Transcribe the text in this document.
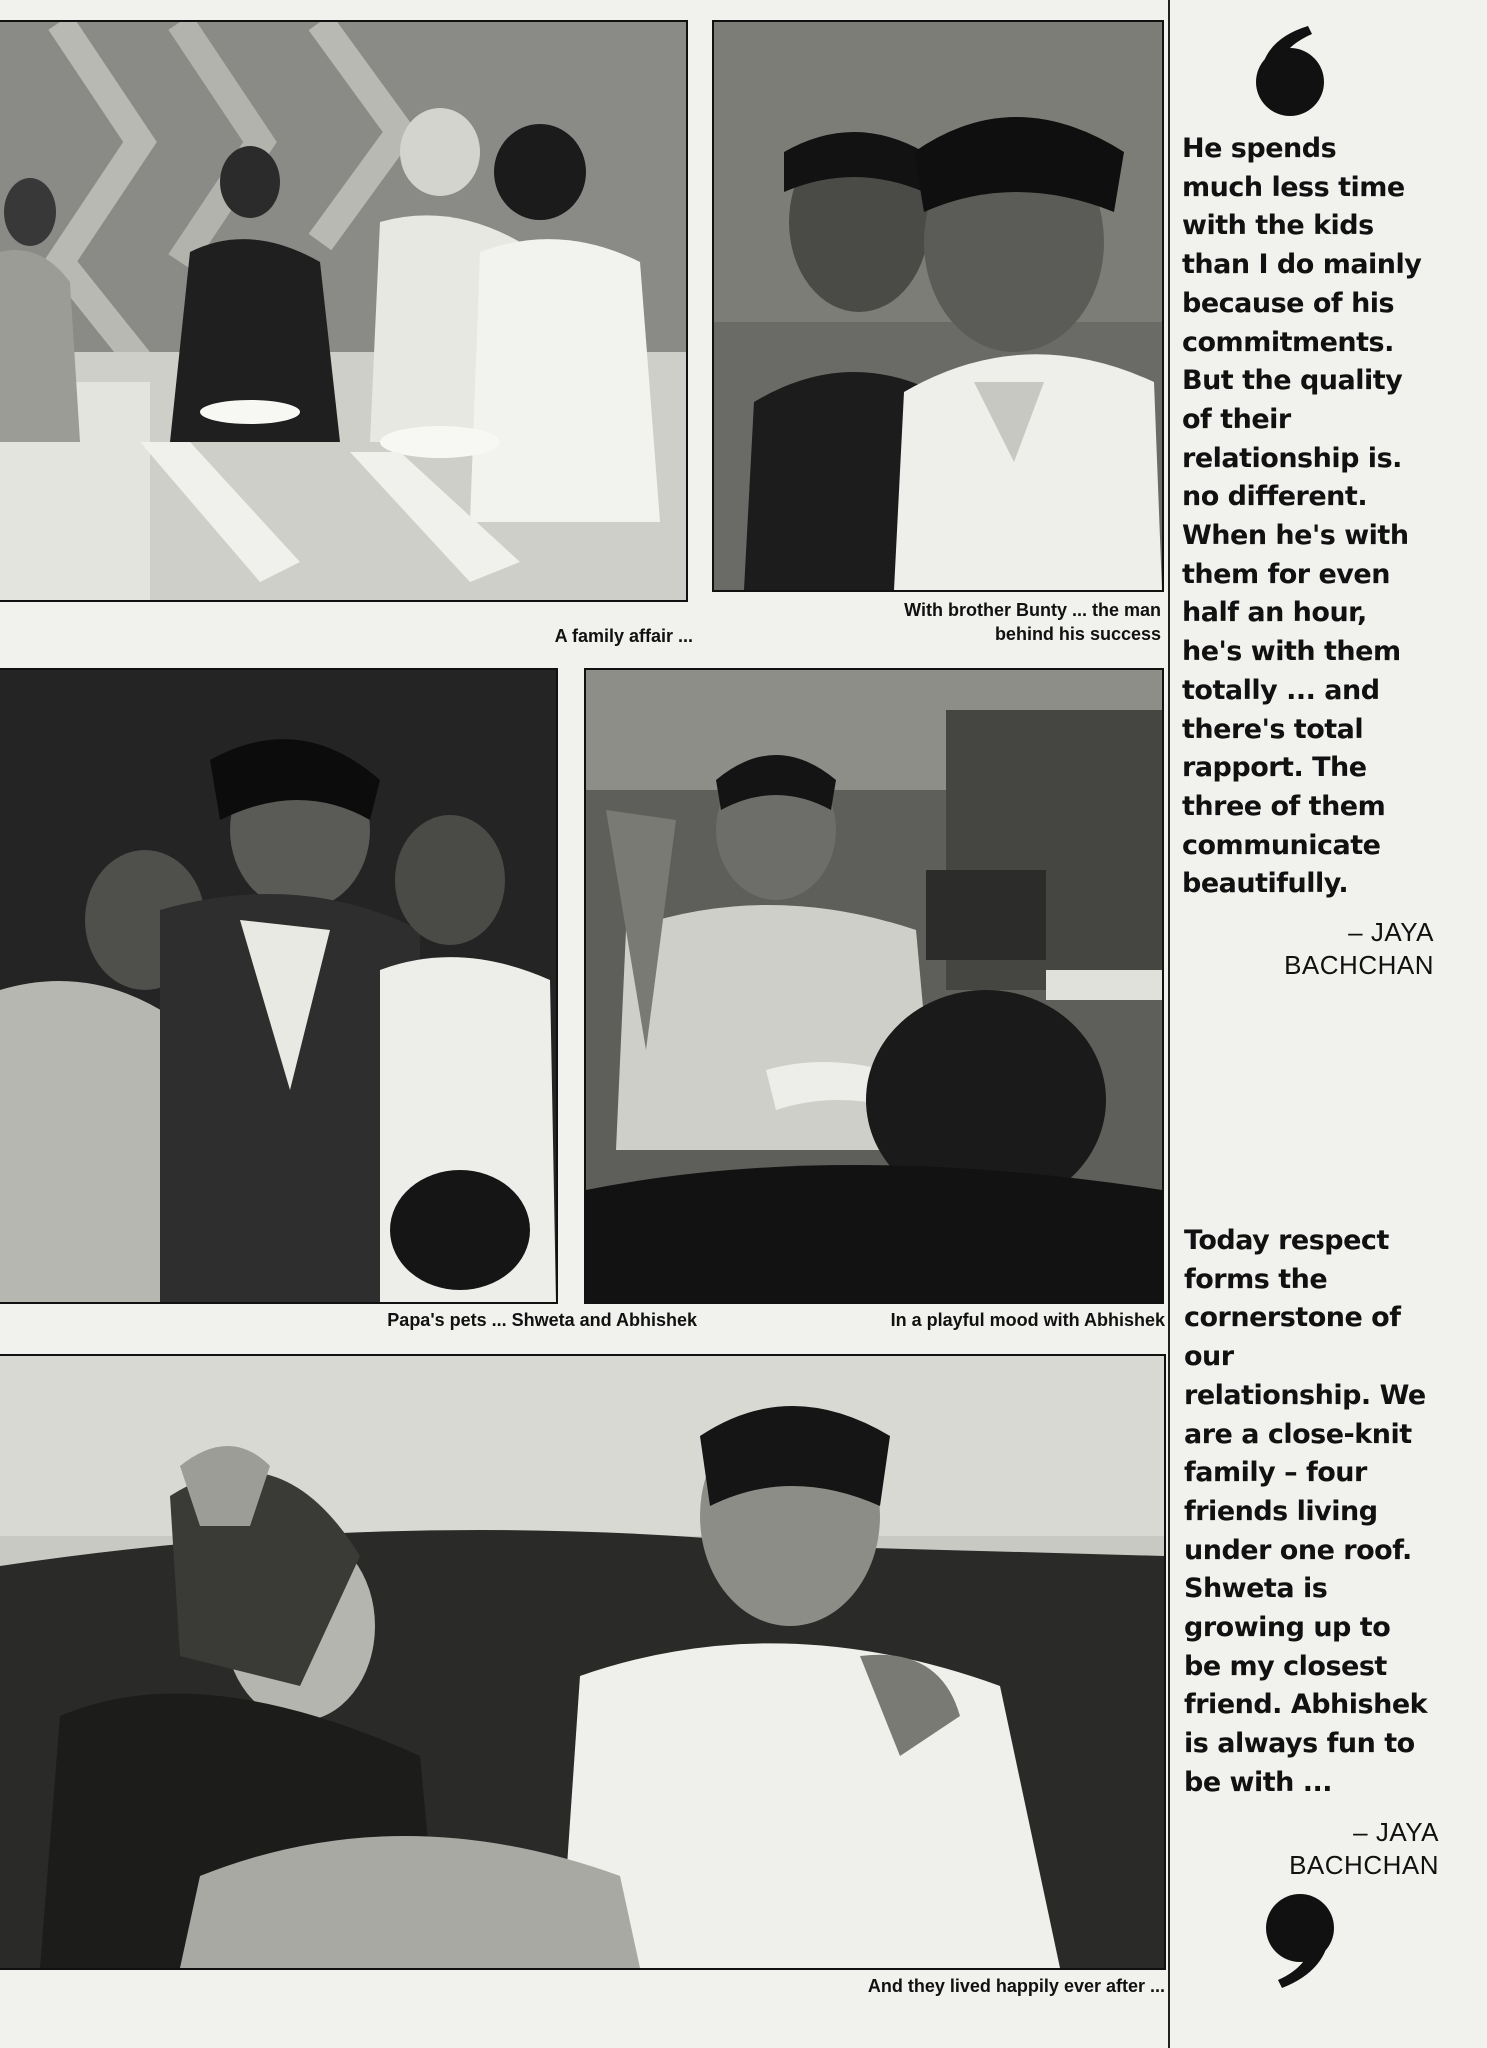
A family affair ...
With brother Bunty ... the man
behind his success
Papa's pets ... Shweta and Abhishek	In a playful mood with Abhishek
And they lived happily ever after ...
He spends
much less time
with the kids
than I do mainly
because of his
commitments.
But the quality
of their
relationship is.
no different.
When he's with
them for even
half an hour,
he's with them
totally ... and
there's total
rapport. The
three of them
communicate
beautifully.
– JAYA
BACHCHAN
Today respect
forms the
cornerstone of
our
relationship. We
are a close-knit
family – four
friends living
under one roof.
Shweta is
growing up to
be my closest
friend. Abhishek
is always fun to
be with ...
– JAYA
BACHCHAN
